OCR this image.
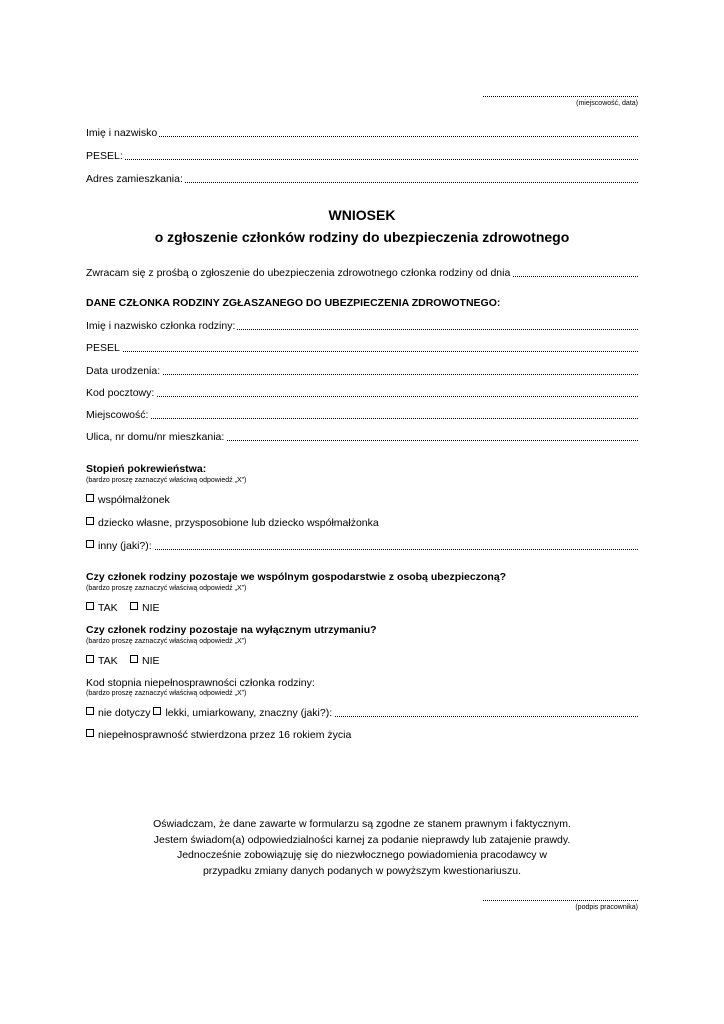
(miejscowość, data)
Imię i nazwisko
PESEL:
Adres zamieszkania:
WNIOSEK
o zgłoszenie członków rodziny do ubezpieczenia zdrowotnego
Zwracam się z prośbą o zgłoszenie do ubezpieczenia zdrowotnego członka rodziny od dnia
DANE CZŁONKA RODZINY ZGŁASZANEGO DO UBEZPIECZENIA ZDROWOTNEGO:
Imię i nazwisko członka rodziny:
PESEL
Data urodzenia:
Kod pocztowy:
Miejscowość:
Ulica, nr domu/nr mieszkania:
Stopień pokrewieństwa:
(bardzo proszę zaznaczyć właściwą odpowiedź „X”)
współmałżonek
dziecko własne, przysposobione lub dziecko współmałżonka
inny (jaki?):
Czy członek rodziny pozostaje we wspólnym gospodarstwie z osobą ubezpieczoną?
(bardzo proszę zaznaczyć właściwą odpowiedź „X”)
TAK	NIE
Czy członek rodziny pozostaje na wyłącznym utrzymaniu?
(bardzo proszę zaznaczyć właściwą odpowiedź „X”)
TAK	NIE
Kod stopnia niepełnosprawności członka rodziny:
(bardzo proszę zaznaczyć właściwą odpowiedź „X”)
nie dotyczy lekki, umiarkowany, znaczny (jaki?):
niepełnosprawność stwierdzona przez 16 rokiem życia
Oświadczam, że dane zawarte w formularzu są zgodne ze stanem prawnym i faktycznym.
Jestem świadom(a) odpowiedzialności karnej za podanie nieprawdy lub zatajenie prawdy.
Jednocześnie zobowiązuję się do niezwłocznego powiadomienia pracodawcy w
przypadku zmiany danych podanych w powyższym kwestionariuszu.
(podpis pracownika)
